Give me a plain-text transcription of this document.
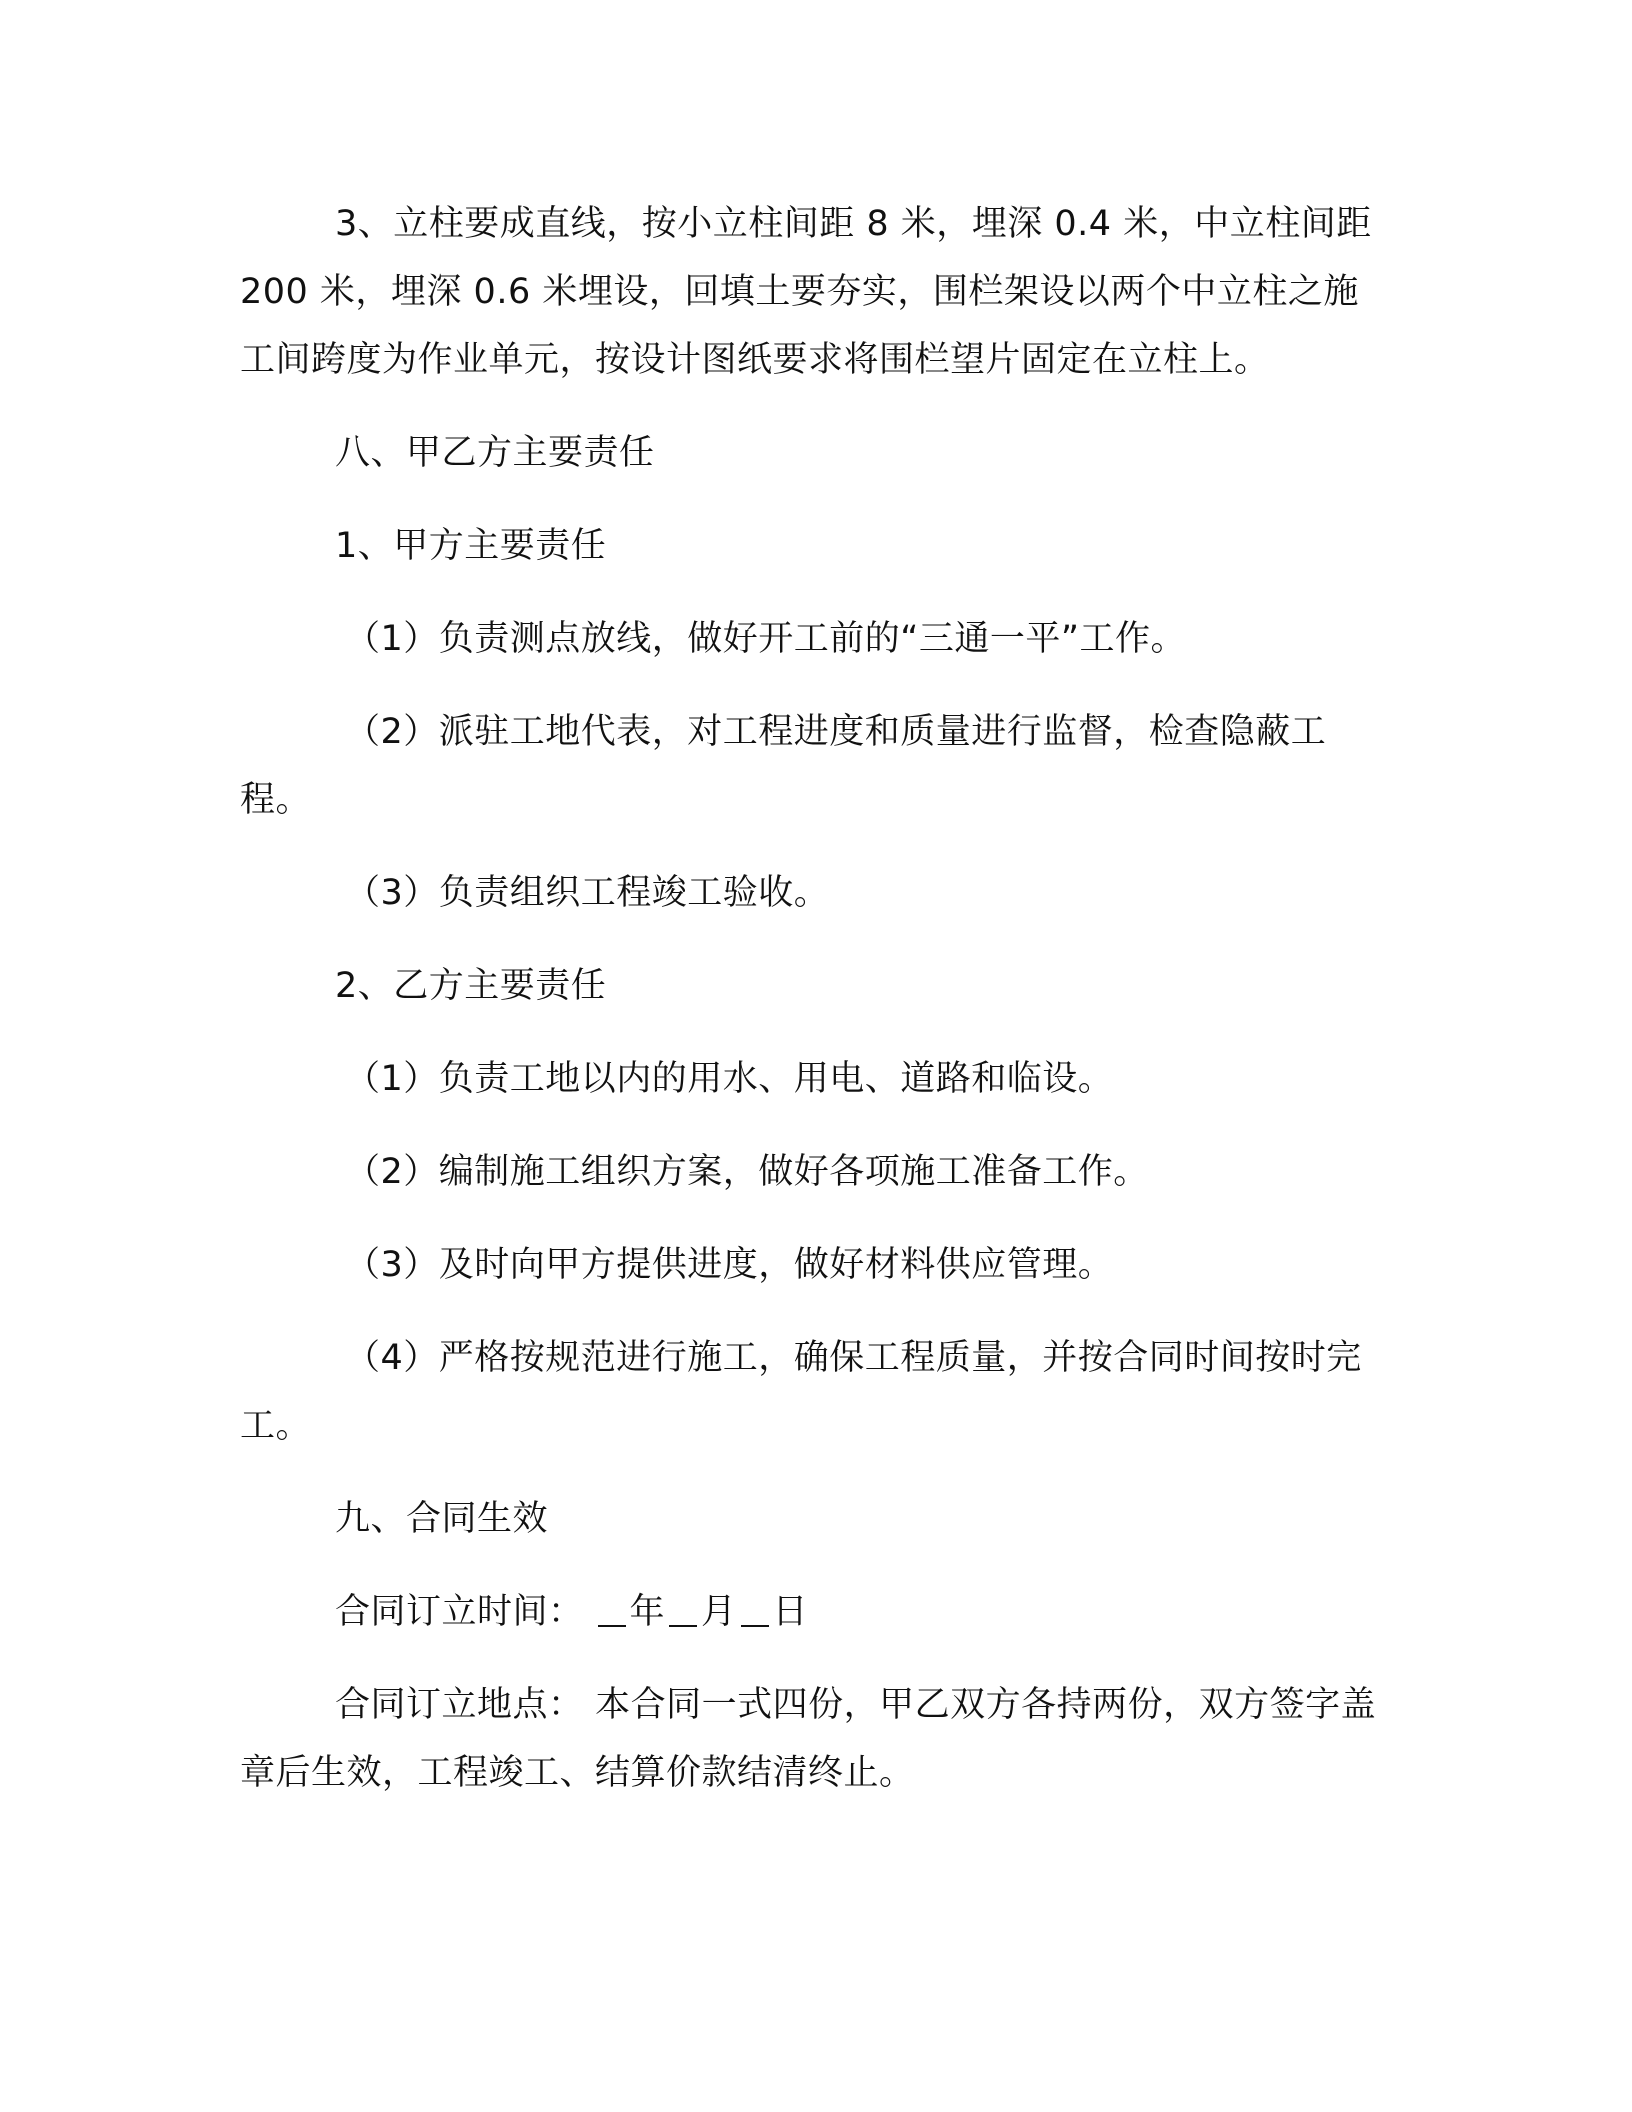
3、立柱要成直线，按小立柱间距 8 米，埋深 0.4 米，中立柱间距 200 米，埋深 0.6 米埋设，回填土要夯实，围栏架设以两个中立柱之施工间跨度为作业单元，按设计图纸要求将围栏望片固定在立柱上。

八、甲乙方主要责任

1、甲方主要责任

（1）负责测点放线，做好开工前的“三通一平”工作。

（2）派驻工地代表，对工程进度和质量进行监督，检查隐蔽工程。

（3）负责组织工程竣工验收。

2、乙方主要责任

（1）负责工地以内的用水、用电、道路和临设。

（2）编制施工组织方案，做好各项施工准备工作。

（3）及时向甲方提供进度，做好材料供应管理。

（4）严格按规范进行施工，确保工程质量，并按合同时间按时完工。

九、合同生效

合同订立时间： 年 月 日

合同订立地点： 本合同一式四份，甲乙双方各持两份，双方签字盖章后生效，工程竣工、结算价款结清终止。
